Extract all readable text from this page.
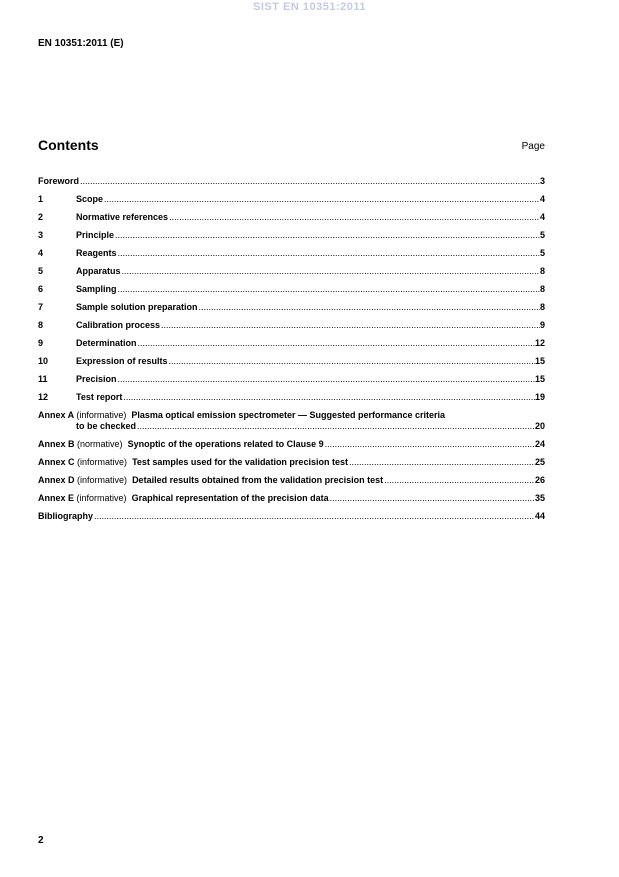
SIST EN 10351:2011
EN 10351:2011 (E)
Contents	Page
Foreword .....	3
1	Scope .....	4
2	Normative references .....	4
3	Principle .....	5
4	Reagents .....	5
5	Apparatus .....	8
6	Sampling .....	8
7	Sample solution preparation .....	8
8	Calibration process .....	9
9	Determination .....	12
10	Expression of results .....	15
11	Precision .....	15
12	Test report .....	19
Annex A (informative) Plasma optical emission spectrometer — Suggested performance criteria
to be checked .....	20
Annex B (normative) Synoptic of the operations related to Clause 9 .....	24
Annex C (informative) Test samples used for the validation precision test .....	25
Annex D (informative) Detailed results obtained from the validation precision test .....	26
Annex E (informative) Graphical representation of the precision data .....	35
Bibliography .....	44
2
